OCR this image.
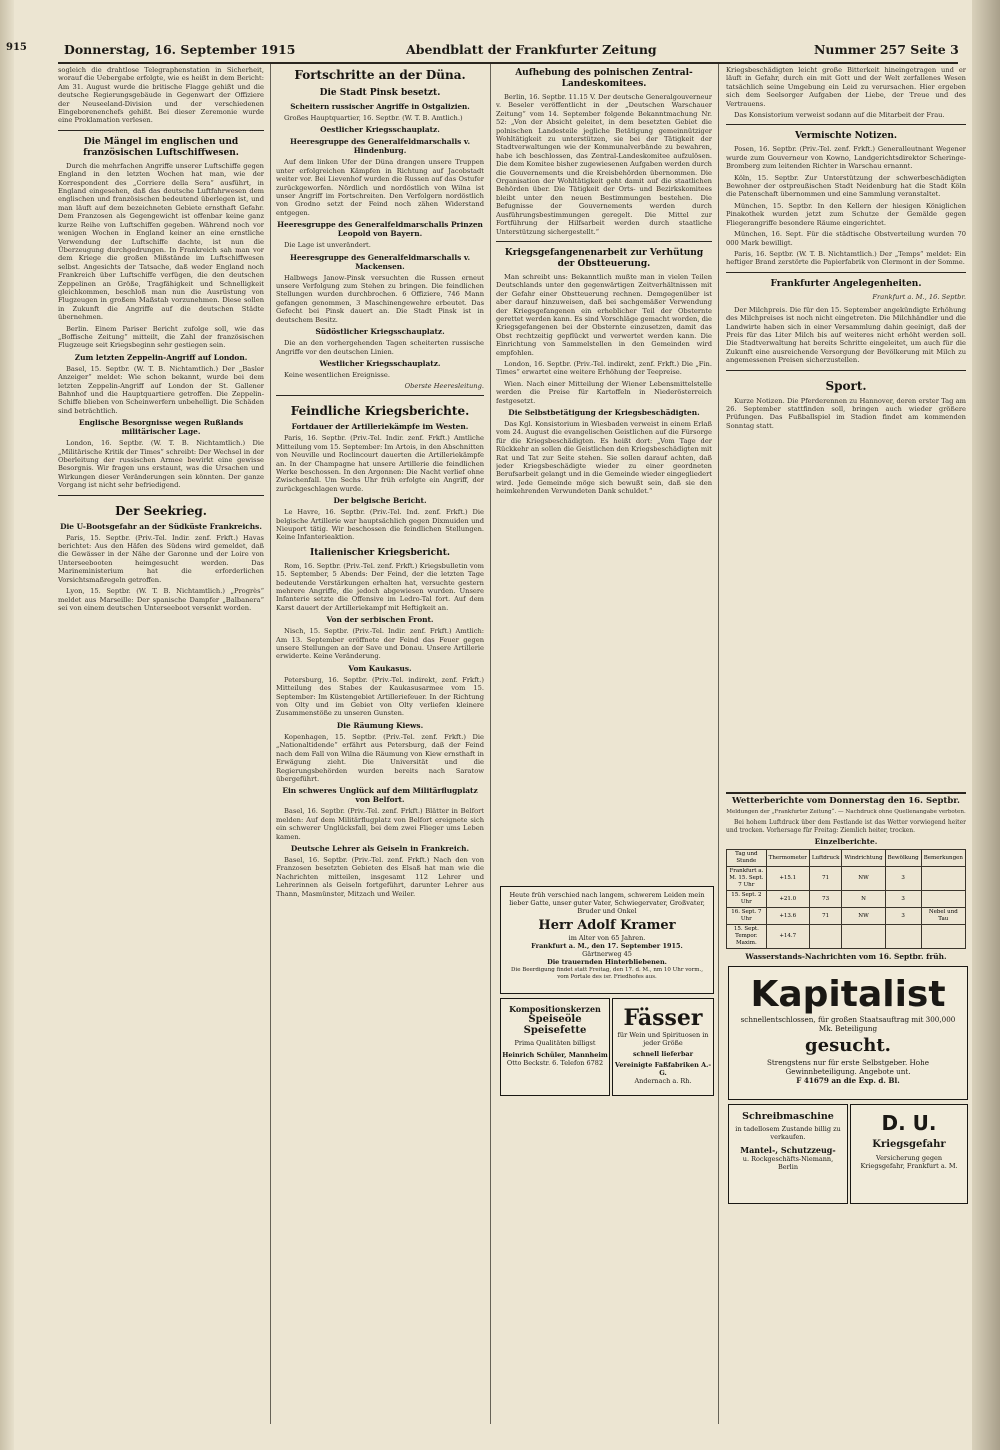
915	Donnerstag, 16. September 1915	Abendblatt der Frankfurter Zeitung	Nummer 257 Seite 3

sogleich die drahtlose Telegraphenstation in Sicherheit, worauf die Uebergabe erfolgte, wie es heißt in dem Bericht: Am 31. August wurde die britische Flagge gehißt und die deutsche Regierungsgebäude in Gegenwart der Offiziere der Neuseeland-Division und der verschiedenen Eingeborenenchefs gehißt. Bei dieser Zeremonie wurde eine Proklamation verlesen.

Die Mängel im englischen und französischen Luftschiffwesen.

Durch die mehrfachen Angriffe unserer Luftschiffe gegen England in den letzten Wochen hat man, wie der Korrespondent des „Corriere della Sera“ ausführt, in England eingesehen, daß das deutsche Luftfahrwesen dem englischen und französischen bedeutend überlegen ist, und man läuft auf dem bezeichneten Gebiete ernsthaft Gefahr. Dem Franzosen als Gegengewicht ist offenbar keine ganz kurze Reihe von Luftschiffen gegeben. Während noch vor wenigen Wochen in England keiner an eine ernstliche Verwendung der Luftschiffe dachte, ist nun die Überzeugung durchgedrungen. In Frankreich sah man vor dem Kriege die großen Mißstände im Luftschiffwesen selbst. Angesichts der Tatsache, daß weder England noch Frankreich über Luftschiffe verfügen, die den deutschen Zeppelinen an Größe, Tragfähigkeit und Schnelligkeit gleichkommen, beschloß man nun die Ausrüstung von Flugzeugen in großem Maßstab vorzunehmen. Diese sollen in Zukunft die Angriffe auf die deutschen Städte übernehmen.

Berlin. Einem Pariser Bericht zufolge soll, wie das „Boffische Zeitung“ mitteilt, die Zahl der französischen Flugzeuge seit Kriegsbeginn sehr gestiegen sein.

Zum letzten Zeppelin-Angriff auf London.

Basel, 15. Septbr. (W. T. B. Nichtamtlich.) Der „Basler Anzeiger“ meldet: Wie schon bekannt, wurde bei dem letzten Zeppelin-Angriff auf London der St. Gallener Bahnhof und die Hauptquartiere getroffen. Die Zeppelin-Schiffe blieben von Scheinwerfern unbehelligt. Die Schäden sind beträchtlich.

Englische Besorgnisse wegen Rußlands militärischer Lage.

London, 16. Septbr. (W. T. B. Nichtamtlich.) Die „Militärische Kritik der Times“ schreibt: Der Wechsel in der Oberleitung der russischen Armee bewirkt eine gewisse Besorgnis. Wir fragen uns erstaunt, was die Ursachen und Wirkungen dieser Veränderungen sein könnten. Der ganze Vorgang ist nicht sehr befriedigend.

Der Seekrieg.
Die U-Bootsgefahr an der Südküste Frankreichs.

Paris, 15. Septbr. (Priv.-Tel. Indir. zenf. Frkft.) Havas berichtet: Aus den Häfen des Südens wird gemeldet, daß die Gewässer in der Nähe der Garonne und der Loire von Unterseebooten heimgesucht werden. Das Marineministerium hat die erforderlichen Vorsichtsmaßregeln getroffen.

Lyon, 15. Septbr. (W. T. B. Nichtamtlich.) „Progrès“ meldet aus Marseille: Der spanische Dampfer „Balbanera“ sei von einem deutschen Unterseeboot versenkt worden.

Fortschritte an der Düna.
Die Stadt Pinsk besetzt.
Scheitern russischer Angriffe in Ostgalizien.

Großes Hauptquartier, 16. Septbr. (W. T. B. Amtlich.)

Oestlicher Kriegsschauplatz.
Heeresgruppe des Generalfeldmarschalls v. Hindenburg.

Auf dem linken Ufer der Düna drangen unsere Truppen unter erfolgreichen Kämpfen in Richtung auf Jacobstadt weiter vor. Bei Lievenhof wurden die Russen auf das Ostufer zurückgeworfen. Nördlich und nordöstlich von Wilna ist unser Angriff im Fortschreiten. Den Verfolgern nordöstlich von Grodno setzt der Feind noch zähen Widerstand entgegen.

Heeresgruppe des Generalfeldmarschalls Prinzen Leopold von Bayern.

Die Lage ist unverändert.

Heeresgruppe des Generalfeldmarschalls v. Mackensen.

Halbwegs Janow-Pinsk versuchten die Russen erneut unsere Verfolgung zum Stehen zu bringen. Die feindlichen Stellungen wurden durchbrochen. 6 Offiziere, 746 Mann gefangen genommen, 3 Maschinengewehre erbeutet. Das Gefecht bei Pinsk dauert an. Die Stadt Pinsk ist in deutschem Besitz.

Südöstlicher Kriegsschauplatz.

Die an den vorhergehenden Tagen scheiterten russische Angriffe vor den deutschen Linien.

Westlicher Kriegsschauplatz.

Keine wesentlichen Ereignisse.

Oberste Heeresleitung.
Feindliche Kriegsberichte.
Fortdauer der Artilleriekämpfe im Westen.

Paris, 16. Septbr. (Priv.-Tel. Indir. zenf. Frkft.) Amtliche Mitteilung vom 15. September: Im Artois, in den Abschnitten von Neuville und Roclincourt dauerten die Artilleriekämpfe an. In der Champagne hat unsere Artillerie die feindlichen Werke beschossen. In den Argonnen: Die Nacht verlief ohne Zwischenfall. Um Sechs Uhr früh erfolgte ein Angriff, der zurückgeschlagen wurde.

Der belgische Bericht.

Le Havre, 16. Septbr. (Priv.-Tel. Ind. zenf. Frkft.) Die belgische Artillerie war hauptsächlich gegen Dixmuiden und Nieuport tätig. Wir beschossen die feindlichen Stellungen. Keine Infanterieaktion.

Italienischer Kriegsbericht.

Rom, 16. Septbr. (Priv.-Tel. zenf. Frkft.) Kriegsbulletin vom 15. September, 5 Abends: Der Feind, der die letzten Tage bedeutende Verstärkungen erhalten hat, versuchte gestern mehrere Angriffe, die jedoch abgewiesen wurden. Unsere Infanterie setzte die Offensive im Ledro-Tal fort. Auf dem Karst dauert der Artilleriekampf mit Heftigkeit an.

Von der serbischen Front.

Nisch, 15. Septbr. (Priv.-Tel. Indir. zenf. Frkft.) Amtlich: Am 13. September eröffnete der Feind das Feuer gegen unsere Stellungen an der Save und Donau. Unsere Artillerie erwiderte. Keine Veränderung.

Vom Kaukasus.

Petersburg, 16. Septbr. (Priv.-Tel. indirekt, zenf. Frkft.) Mitteilung des Stabes der Kaukasusarmee vom 15. September: Im Küstengebiet Artilleriefeuer. In der Richtung von Olty und im Gebiet von Olty verliefen kleinere Zusammenstöße zu unseren Gunsten.

Die Räumung Kiews.

Kopenhagen, 15. Septbr. (Priv.-Tel. zenf. Frkft.) Die „Nationaltidende“ erfährt aus Petersburg, daß der Feind nach dem Fall von Wilna die Räumung von Kiew ernsthaft in Erwägung zieht. Die Universität und die Regierungsbehörden wurden bereits nach Saratow übergeführt.

Ein schweres Unglück auf dem Militärflugplatz von Belfort.

Basel, 16. Septbr. (Priv.-Tel. zenf. Frkft.) Blätter in Belfort melden: Auf dem Militärflugplatz von Belfort ereignete sich ein schwerer Unglücksfall, bei dem zwei Flieger ums Leben kamen.

Deutsche Lehrer als Geiseln in Frankreich.

Basel, 16. Septbr. (Priv.-Tel. zenf. Frkft.) Nach den von Franzosen besetzten Gebieten des Elsaß hat man wie die Nachrichten mitteilen, insgesamt 112 Lehrer und Lehrerinnen als Geiseln fortgeführt, darunter Lehrer aus Thann, Masmünster, Mitzach und Weiler.

Aufhebung des polnischen Zentral-Landeskomitees.

Berlin, 16. Septbr. 11.15 V. Der deutsche Generalgouverneur v. Beseler veröffentlicht in der „Deutschen Warschauer Zeitung“ vom 14. September folgende Bekanntmachung Nr. 52: „Von der Absicht geleitet, in dem besetzten Gebiet die polnischen Landesteile jegliche Betätigung gemeinnütziger Wohltätigkeit zu unterstützen, sie bei der Tätigkeit der Stadtverwaltungen wie der Kommunalverbände zu bewahren, habe ich beschlossen, das Zentral-Landeskomitee aufzulösen. Die dem Komitee bisher zugewiesenen Aufgaben werden durch die Gouvernements und die Kreisbehörden übernommen. Die Organisation der Wohltätigkeit geht damit auf die staatlichen Behörden über. Die Tätigkeit der Orts- und Bezirkskomitees bleibt unter den neuen Bestimmungen bestehen. Die Befugnisse der Gouvernements werden durch Ausführungsbestimmungen geregelt. Die Mittel zur Fortführung der Hilfsarbeit werden durch staatliche Unterstützung sichergestellt.“

Kriegsgefangenenarbeit zur Verhütung der Obstteuerung.

Man schreibt uns: Bekanntlich mußte man in vielen Teilen Deutschlands unter den gegenwärtigen Zeitverhältnissen mit der Gefahr einer Obstteuerung rechnen. Demgegenüber ist aber darauf hinzuweisen, daß bei sachgemäßer Verwendung der Kriegsgefangenen ein erheblicher Teil der Obsternte gerettet werden kann. Es sind Vorschläge gemacht worden, die Kriegsgefangenen bei der Obsternte einzusetzen, damit das Obst rechtzeitig gepflückt und verwertet werden kann. Die Einrichtung von Sammelstellen in den Gemeinden wird empfohlen.

London, 16. Septbr. (Priv.-Tel. indirekt, zenf. Frkft.) Die „Fin. Times“ erwartet eine weitere Erhöhung der Teepreise.

Wien. Nach einer Mitteilung der Wiener Lebensmittelstelle werden die Preise für Kartoffeln in Niederösterreich festgesetzt.

Die Selbstbetätigung der Kriegsbeschädigten.

Das Kgl. Konsistorium in Wiesbaden verweist in einem Erlaß vom 24. August die evangelischen Geistlichen auf die Fürsorge für die Kriegsbeschädigten. Es heißt dort: „Vom Tage der Rückkehr an sollen die Geistlichen den Kriegsbeschädigten mit Rat und Tat zur Seite stehen. Sie sollen darauf achten, daß jeder Kriegsbeschädigte wieder zu einer geordneten Berufsarbeit gelangt und in die Gemeinde wieder eingegliedert wird. Jede Gemeinde möge sich bewußt sein, daß sie den heimkehrenden Verwundeten Dank schuldet.“

Kriegsbeschädigten leicht große Bitterkeit hineingetragen und er läuft in Gefahr, durch ein mit Gott und der Welt zerfallenes Wesen tatsächlich seine Umgebung ein Leid zu verursachen. Hier ergeben sich dem Seelsorger Aufgaben der Liebe, der Treue und des Vertrauens.

Das Konsistorium verweist sodann auf die Mitarbeit der Frau.

Vermischte Notizen.

Posen, 16. Septbr. (Priv.-Tel. zenf. Frkft.) Generalleutnant Wegener wurde zum Gouverneur von Kowno, Landgerichtsdirektor Scheringe-Bromberg zum leitenden Richter in Warschau ernannt.

Köln, 15. Septbr. Zur Unterstützung der schwerbeschädigten Bewohner der ostpreußischen Stadt Neidenburg hat die Stadt Köln die Patenschaft übernommen und eine Sammlung veranstaltet.

München, 15. Septbr. In den Kellern der hiesigen Königlichen Pinakothek wurden jetzt zum Schutze der Gemälde gegen Fliegerangriffe besondere Räume eingerichtet.

München, 16. Sept. Für die städtische Obstverteilung wurden 70 000 Mark bewilligt.

Paris, 16. Septbr. (W. T. B. Nichtamtlich.) Der „Temps“ meldet: Ein heftiger Brand zerstörte die Papierfabrik von Clermont in der Somme.

Frankfurter Angelegenheiten.
Frankfurt a. M., 16. Septbr.

Der Milchpreis. Die für den 15. September angekündigte Erhöhung des Milchpreises ist noch nicht eingetreten. Die Milchhändler und die Landwirte haben sich in einer Versammlung dahin geeinigt, daß der Preis für das Liter Milch bis auf weiteres nicht erhöht werden soll. Die Stadtverwaltung hat bereits Schritte eingeleitet, um auch für die Zukunft eine ausreichende Versorgung der Bevölkerung mit Milch zu angemessenen Preisen sicherzustellen.

Sport.

Kurze Notizen. Die Pferderennen zu Hannover, deren erster Tag am 26. September stattfinden soll, bringen auch wieder größere Prüfungen. Das Fußballspiel im Stadion findet am kommenden Sonntag statt.

Wetterberichte vom Donnerstag den 16. Septbr.

Meldungen der „Frankfurter Zeitung“. — Nachdruck ohne Quellenangabe verboten.

Bei hohem Luftdruck über dem Festlande ist das Wetter vorwiegend heiter und trocken. Vorhersage für Freitag: Ziemlich heiter, trocken.

Einzelberichte.
Tag und Stunde	Thermometer	Luftdruck	Windrichtung	Bewölkung	Bemerkungen
Frankfurt a. M. 15. Sept. 7 Uhr	+15.1	71	NW	3	
15. Sept. 2 Uhr	+21.0	73	N	3	
16. Sept. 7 Uhr	+13.6	71	NW	3	Nebel und Tau
15. Sept. Tempor. Maxim.	+14.7				
Wasserstands-Nachrichten vom 16. Septbr. früh.
Heute früh verschied nach langem, schwerem Leiden mein lieber Gatte, unser guter Vater, Schwiegervater, Großvater, Bruder und Onkel
Herr Adolf Kramer
im Alter von 65 Jahren.
Frankfurt a. M., den 17. September 1915.
Gärtnerweg 45
Die trauernden Hinterbliebenen.
Die Beerdigung findet statt Freitag, den 17. d. M., nm 10 Uhr vorm., vom Portale des isr. Friedhofes aus.
Kompositionskerzen
Speiseöle
Speisefette
Prima Qualitäten billigst
Heinrich Schüler, Mannheim
Otto Beckstr. 6. Telefon 6782
Fässer
für Wein und Spirituosen in jeder Größe
schnell lieferbar
Vereinigte Faßfabriken A.-G.
Andernach a. Rh.
Kapitalist
schnellentschlossen, für großen Staatsauftrag mit 300,000 Mk. Beteiligung
gesucht.
Strengstens nur für erste Selbstgeber. Hohe Gewinnbeteiligung. Angebote unt.
F 41679 an die Exp. d. Bl.
Schreibmaschine
in tadellosem Zustande billig zu verkaufen.
Mantel-, Schutzzeug-
u. Rockgeschäfts-Niemann, Berlin
D. U.
Kriegsgefahr
Versicherung gegen Kriegsgefahr, Frankfurt a. M.
